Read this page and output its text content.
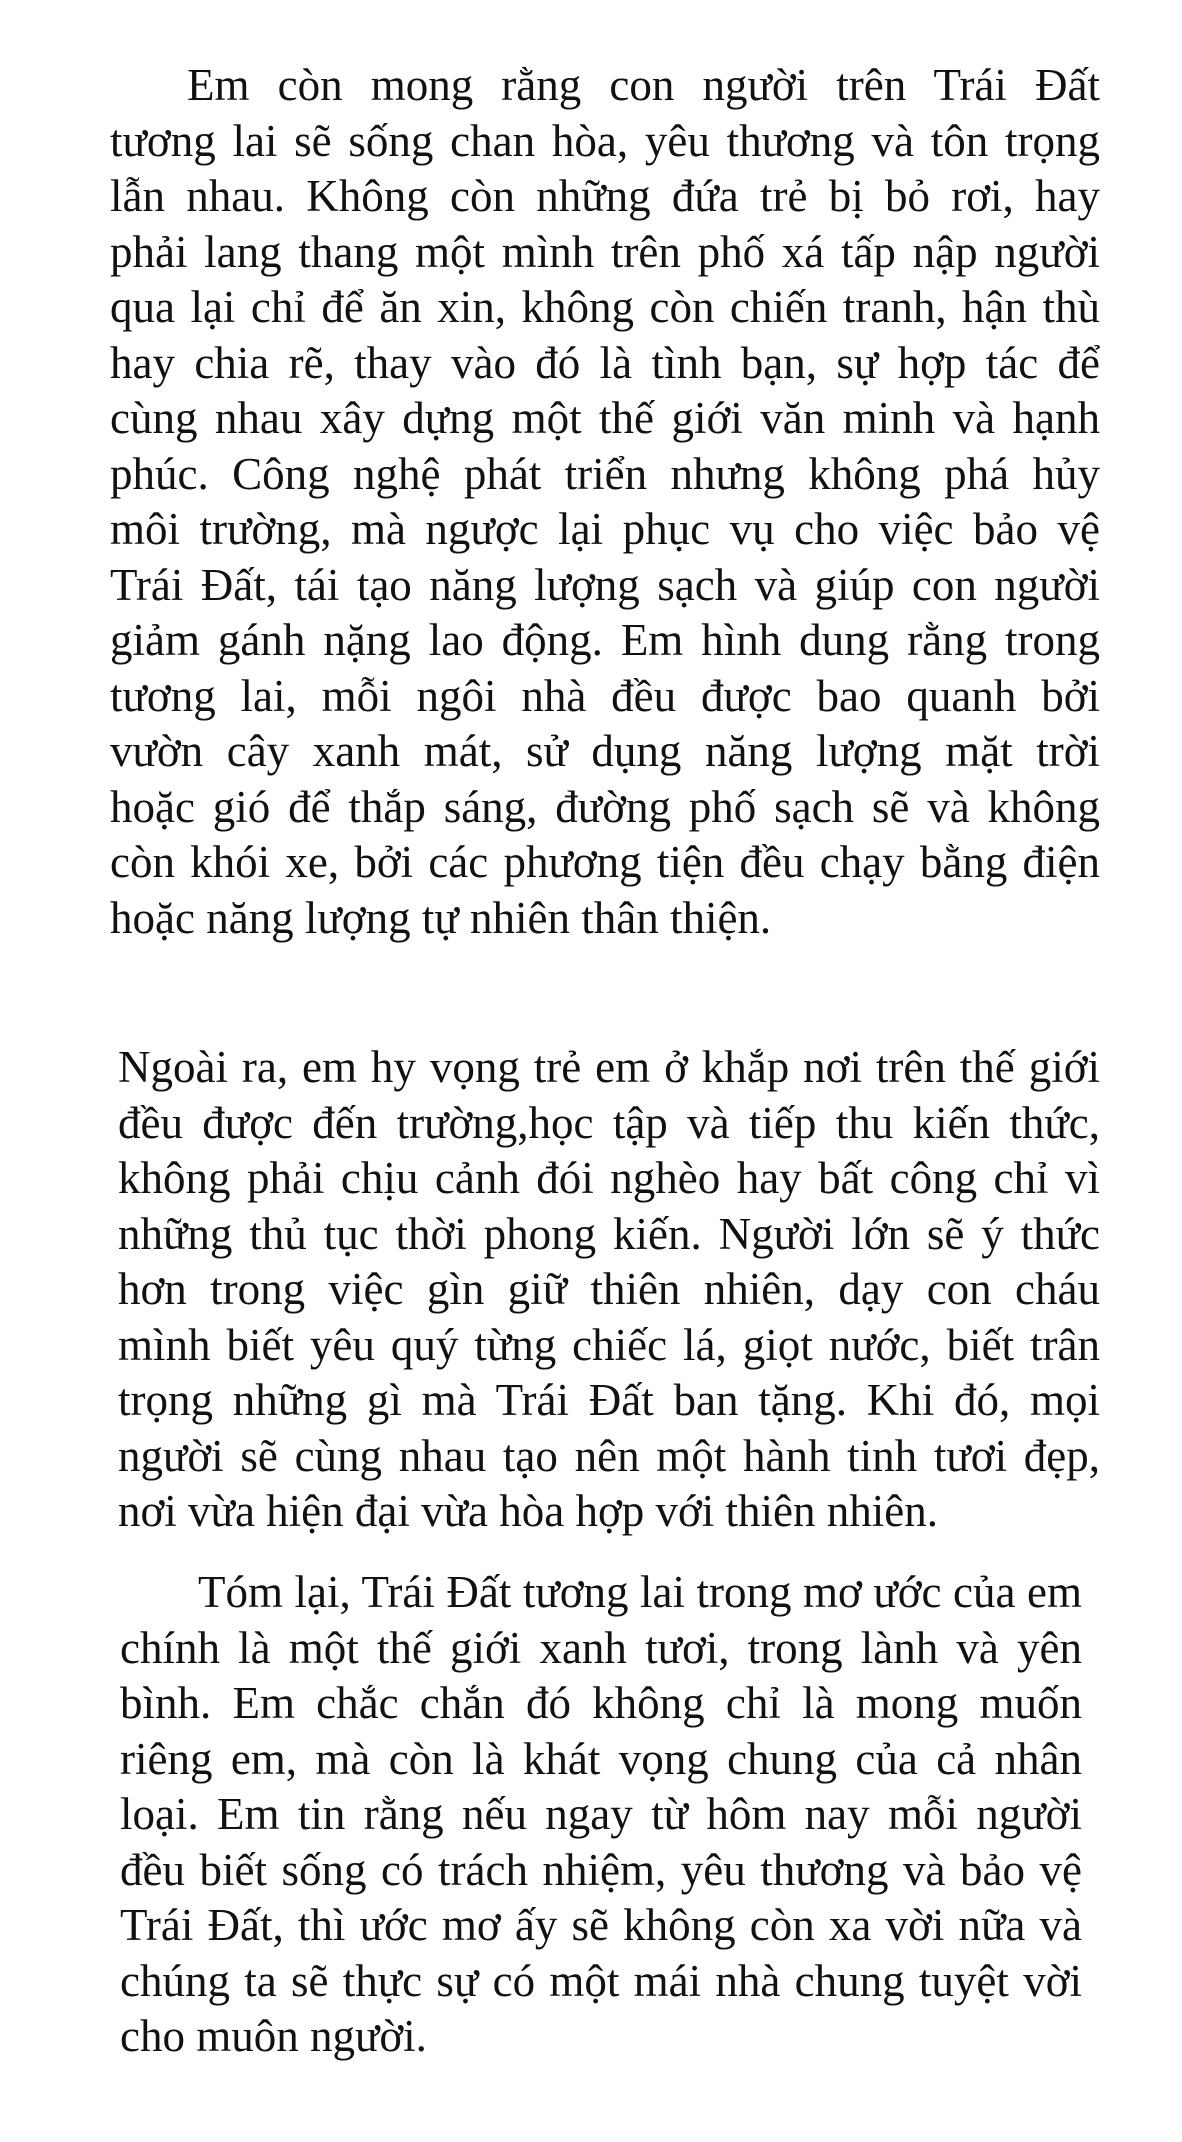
Em còn mong rằng con người trên Trái Đất
tương lai sẽ sống chan hòa, yêu thương và tôn trọng
lẫn nhau. Không còn những đứa trẻ bị bỏ rơi, hay
phải lang thang một mình trên phố xá tấp nập người
qua lại chỉ để ăn xin, không còn chiến tranh, hận thù
hay chia rẽ, thay vào đó là tình bạn, sự hợp tác để
cùng nhau xây dựng một thế giới văn minh và hạnh
phúc. Công nghệ phát triển nhưng không phá hủy
môi trường, mà ngược lại phục vụ cho việc bảo vệ
Trái Đất, tái tạo năng lượng sạch và giúp con người
giảm gánh nặng lao động. Em hình dung rằng trong
tương lai, mỗi ngôi nhà đều được bao quanh bởi
vườn cây xanh mát, sử dụng năng lượng mặt trời
hoặc gió để thắp sáng, đường phố sạch sẽ và không
còn khói xe, bởi các phương tiện đều chạy bằng điện
hoặc năng lượng tự nhiên thân thiện.
Ngoài ra, em hy vọng trẻ em ở khắp nơi trên thế giới
đều được đến trường,học tập và tiếp thu kiến thức,
không phải chịu cảnh đói nghèo hay bất công chỉ vì
những thủ tục thời phong kiến. Người lớn sẽ ý thức
hơn trong việc gìn giữ thiên nhiên, dạy con cháu
mình biết yêu quý từng chiếc lá, giọt nước, biết trân
trọng những gì mà Trái Đất ban tặng. Khi đó, mọi
người sẽ cùng nhau tạo nên một hành tinh tươi đẹp,
nơi vừa hiện đại vừa hòa hợp với thiên nhiên.
Tóm lại, Trái Đất tương lai trong mơ ước của em
chính là một thế giới xanh tươi, trong lành và yên
bình. Em chắc chắn đó không chỉ là mong muốn
riêng em, mà còn là khát vọng chung của cả nhân
loại. Em tin rằng nếu ngay từ hôm nay mỗi người
đều biết sống có trách nhiệm, yêu thương và bảo vệ
Trái Đất, thì ước mơ ấy sẽ không còn xa vời nữa và
chúng ta sẽ thực sự có một mái nhà chung tuyệt vời
cho muôn người.
